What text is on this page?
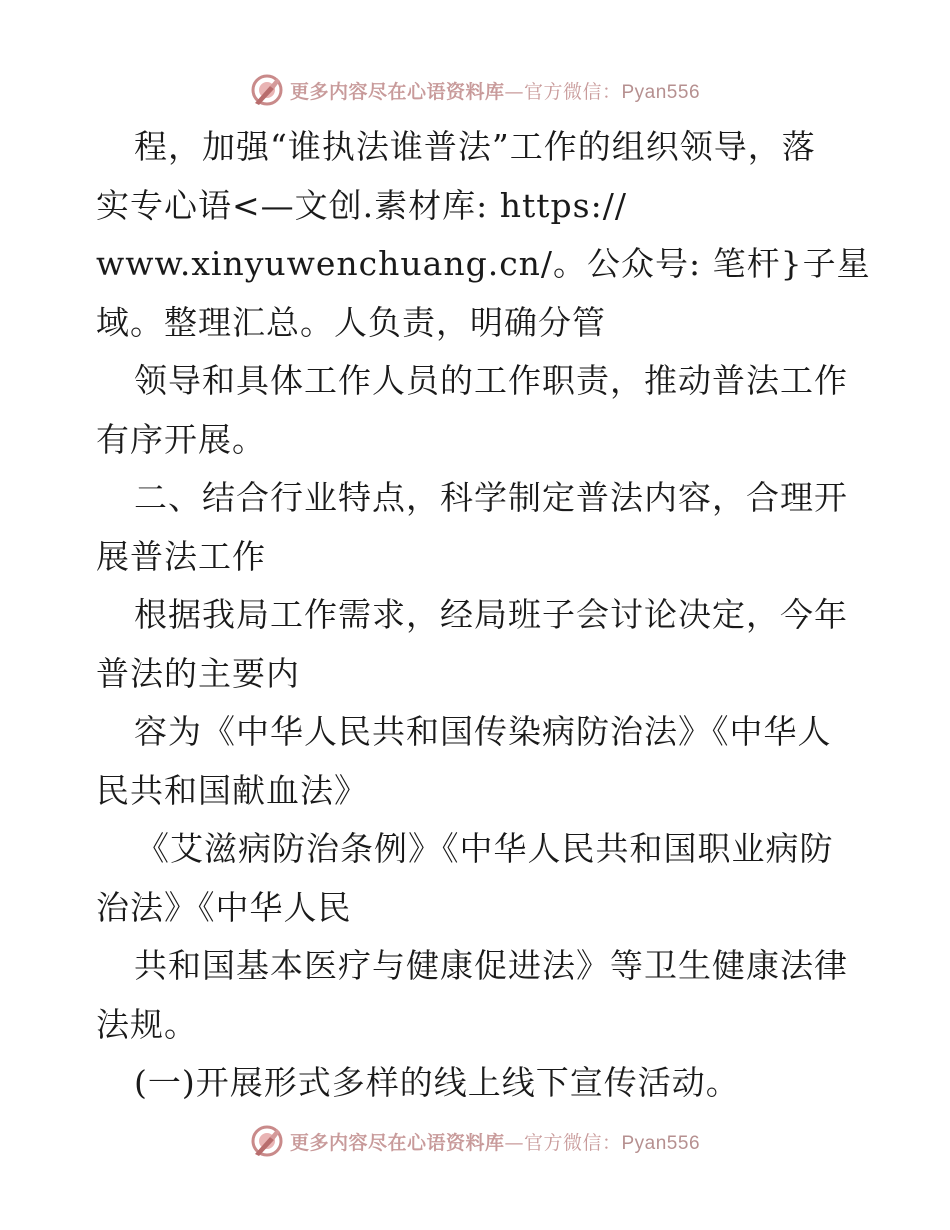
更多内容尽在心语资料库—官方微信：Pyan556
程，加强“谁执法谁普法”工作的组织领导，落
实专心语<—文创.素材库: https://
www.xinyuwenchuang.cn/。公众号: 笔杆}子星
域。整理汇总。人负责，明确分管
领导和具体工作人员的工作职责，推动普法工作
有序开展。
二、结合行业特点，科学制定普法内容，合理开
展普法工作
根据我局工作需求，经局班子会讨论决定，今年
普法的主要内
容为《中华人民共和国传染病防治法》《中华人
民共和国献血法》
《艾滋病防治条例》《中华人民共和国职业病防
治法》《中华人民
共和国基本医疗与健康促进法》等卫生健康法律
法规。
(一)开展形式多样的线上线下宣传活动。
更多内容尽在心语资料库—官方微信：Pyan556
